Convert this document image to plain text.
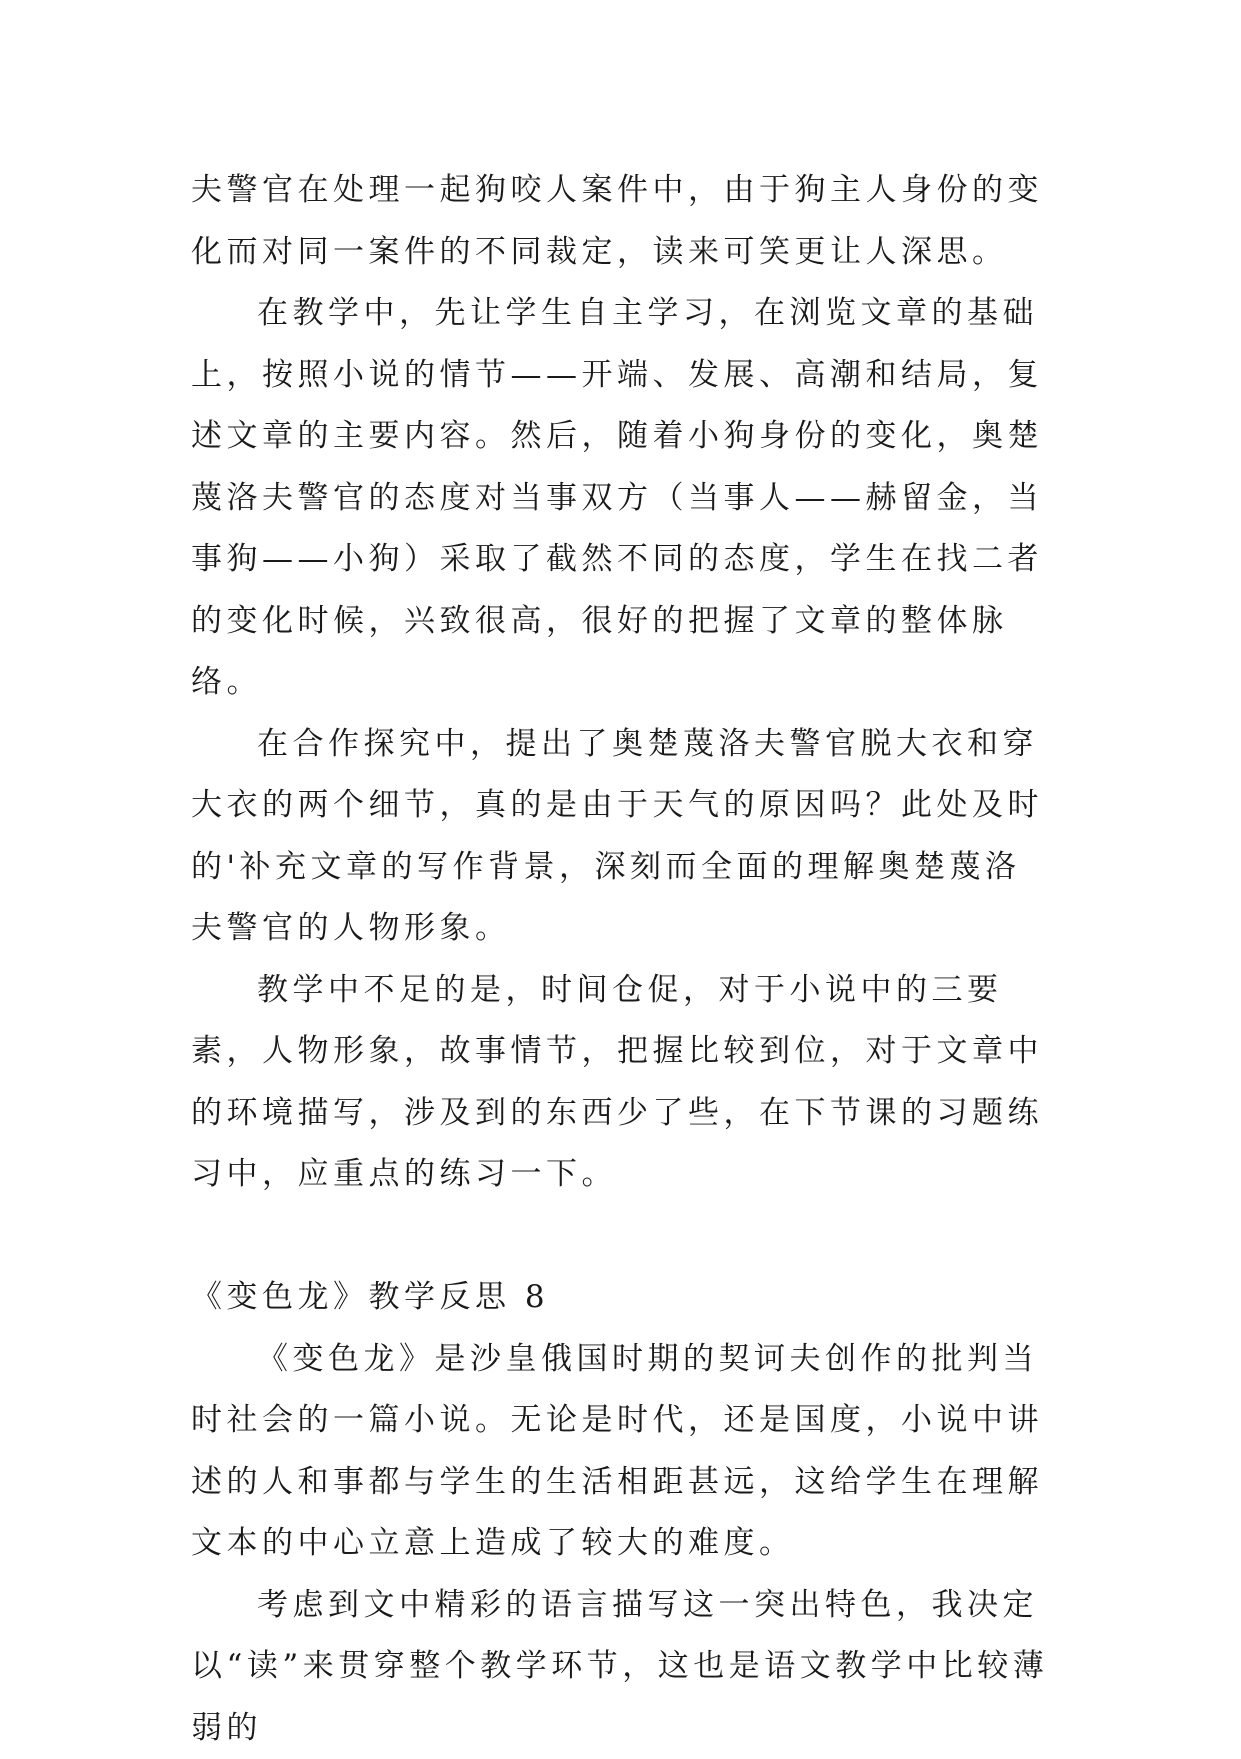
夫警官在处理一起狗咬人案件中，由于狗主人身份的变化而对同一案件的不同裁定，读来可笑更让人深思。

在教学中，先让学生自主学习，在浏览文章的基础上，按照小说的情节——开端、发展、高潮和结局，复述文章的主要内容。然后，随着小狗身份的变化，奥楚蔑洛夫警官的态度对当事双方（当事人——赫留金，当事狗——小狗）采取了截然不同的态度，学生在找二者的变化时候，兴致很高，很好的把握了文章的整体脉络。

在合作探究中，提出了奥楚蔑洛夫警官脱大衣和穿大衣的两个细节，真的是由于天气的原因吗？此处及时的'补充文章的写作背景，深刻而全面的理解奥楚蔑洛夫警官的人物形象。

教学中不足的是，时间仓促，对于小说中的三要素，人物形象，故事情节，把握比较到位，对于文章中的环境描写，涉及到的东西少了些，在下节课的习题练习中，应重点的练习一下。

《变色龙》教学反思 8

《变色龙》是沙皇俄国时期的契诃夫创作的批判当时社会的一篇小说。无论是时代，还是国度，小说中讲述的人和事都与学生的生活相距甚远，这给学生在理解文本的中心立意上造成了较大的难度。

考虑到文中精彩的语言描写这一突出特色，我决定以“读”来贯穿整个教学环节，这也是语文教学中比较薄弱的
